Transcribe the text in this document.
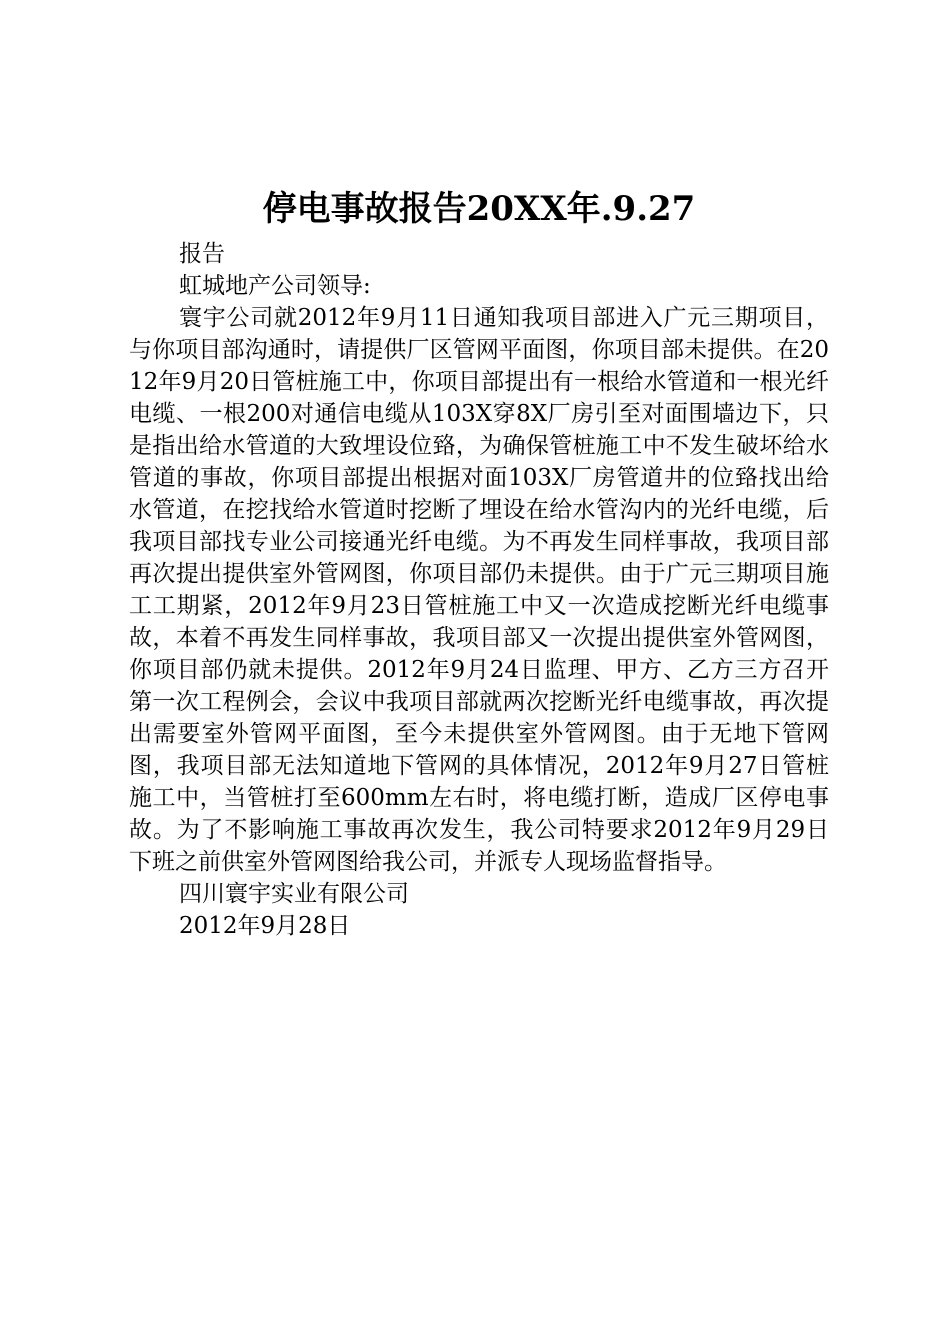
停电事故报告20XX年.9.27

报告

虹城地产公司领导:

寰宇公司就2012年9月11日通知我项目部进入广元三期项目，与你项目部沟通时，请提供厂区管网平面图，你项目部未提供。在2012年9月20日管桩施工中，你项目部提出有一根给水管道和一根光纤电缆、一根200对通信电缆从103X穿8X厂房引至对面围墙边下，只是指出给水管道的大致埋设位臵，为确保管桩施工中不发生破坏给水管道的事故，你项目部提出根据对面103X厂房管道井的位臵找出给水管道，在挖找给水管道时挖断了埋设在给水管沟内的光纤电缆，后我项目部找专业公司接通光纤电缆。为不再发生同样事故，我项目部再次提出提供室外管网图，你项目部仍未提供。由于广元三期项目施工工期紧，2012年9月23日管桩施工中又一次造成挖断光纤电缆事故，本着不再发生同样事故，我项目部又一次提出提供室外管网图，你项目部仍就未提供。2012年9月24日监理、甲方、乙方三方召开第一次工程例会，会议中我项目部就两次挖断光纤电缆事故，再次提出需要室外管网平面图，至今未提供室外管网图。由于无地下管网图，我项目部无法知道地下管网的具体情况，2012年9月27日管桩施工中，当管桩打至600mm左右时，将电缆打断，造成厂区停电事故。为了不影响施工事故再次发生，我公司特要求2012年9月29日下班之前供室外管网图给我公司，并派专人现场监督指导。

四川寰宇实业有限公司

2012年9月28日
